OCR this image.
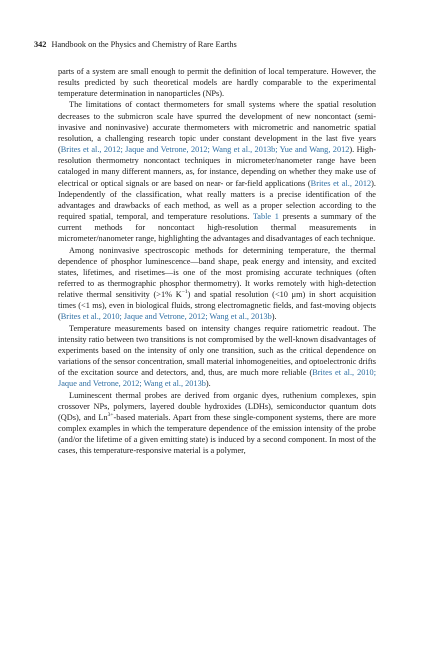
342 Handbook on the Physics and Chemistry of Rare Earths

parts of a system are small enough to permit the definition of local temperature. However, the results predicted by such theoretical models are hardly comparable to the experimental temperature determination in nanoparticles (NPs).

The limitations of contact thermometers for small systems where the spatial resolution decreases to the submicron scale have spurred the development of new noncontact (semi-invasive and noninvasive) accurate thermometers with micrometric and nanometric spatial resolution, a challenging research topic under constant development in the last five years (Brites et al., 2012; Jaque and Vetrone, 2012; Wang et al., 2013b; Yue and Wang, 2012). High-resolution thermometry noncontact techniques in micrometer/nanometer range have been cataloged in many different manners, as, for instance, depending on whether they make use of electrical or optical signals or are based on near- or far-field applications (Brites et al., 2012). Independently of the classification, what really matters is a precise identification of the advantages and drawbacks of each method, as well as a proper selection according to the required spatial, temporal, and temperature resolutions. Table 1 presents a summary of the current methods for noncontact high-resolution thermal measurements in micrometer/nanometer range, highlighting the advantages and disadvantages of each technique.

Among noninvasive spectroscopic methods for determining temperature, the thermal dependence of phosphor luminescence—band shape, peak energy and intensity, and excited states, lifetimes, and risetimes—is one of the most promising accurate techniques (often referred to as thermographic phosphor thermometry). It works remotely with high-detection relative thermal sensitivity (>1% $K^{-1}$) and spatial resolution (<10 μm) in short acquisition times (<1 ms), even in biological fluids, strong electromagnetic fields, and fast-moving objects (Brites et al., 2010; Jaque and Vetrone, 2012; Wang et al., 2013b).

Temperature measurements based on intensity changes require ratiometric readout. The intensity ratio between two transitions is not compromised by the well-known disadvantages of experiments based on the intensity of only one transition, such as the critical dependence on variations of the sensor concentration, small material inhomogeneities, and optoelectronic drifts of the excitation source and detectors, and, thus, are much more reliable (Brites et al., 2010; Jaque and Vetrone, 2012; Wang et al., 2013b).

Luminescent thermal probes are derived from organic dyes, ruthenium complexes, spin crossover NPs, polymers, layered double hydroxides (LDHs), semiconductor quantum dots (QDs), and $Ln^{3+}$-based materials. Apart from these single-component systems, there are more complex examples in which the temperature dependence of the emission intensity of the probe (and/or the lifetime of a given emitting state) is induced by a second component. In most of the cases, this temperature-responsive material is a polymer,
